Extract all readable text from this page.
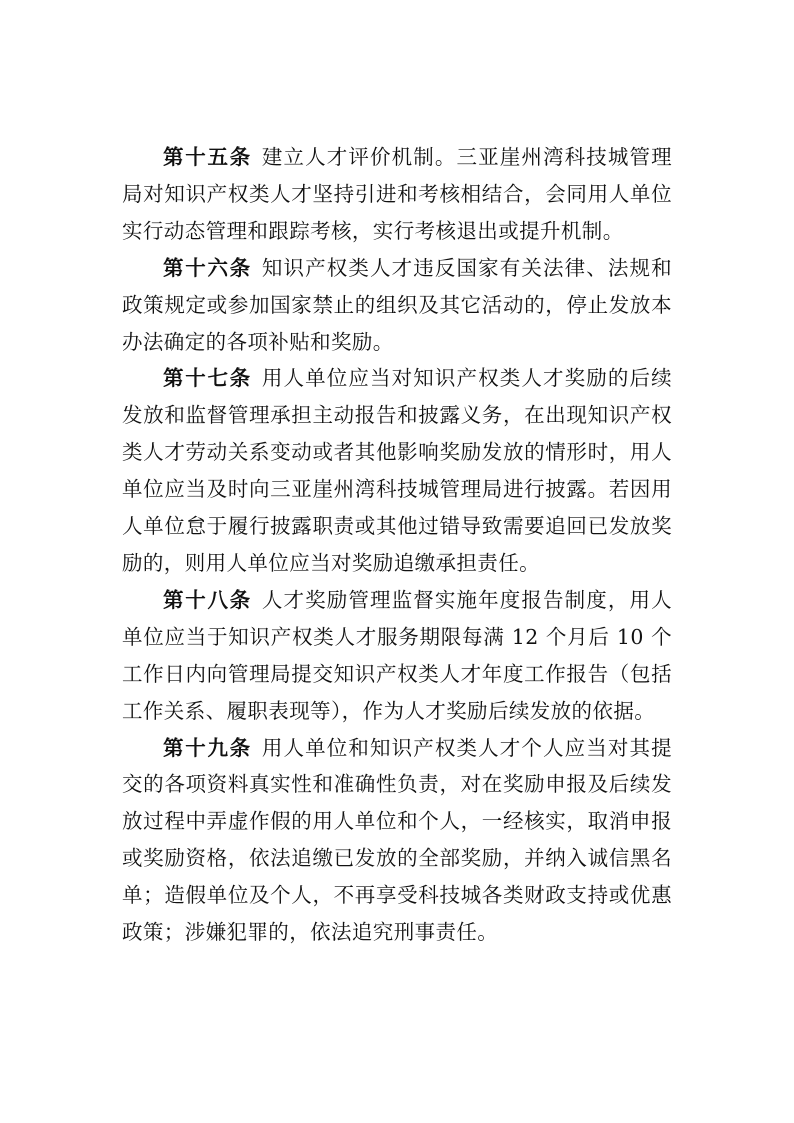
第十五条 建立人才评价机制。三亚崖州湾科技城管理局对知识产权类人才坚持引进和考核相结合，会同用人单位实行动态管理和跟踪考核，实行考核退出或提升机制。

第十六条 知识产权类人才违反国家有关法律、法规和政策规定或参加国家禁止的组织及其它活动的，停止发放本办法确定的各项补贴和奖励。

第十七条 用人单位应当对知识产权类人才奖励的后续发放和监督管理承担主动报告和披露义务，在出现知识产权类人才劳动关系变动或者其他影响奖励发放的情形时，用人单位应当及时向三亚崖州湾科技城管理局进行披露。若因用人单位怠于履行披露职责或其他过错导致需要追回已发放奖励的，则用人单位应当对奖励追缴承担责任。

第十八条 人才奖励管理监督实施年度报告制度，用人单位应当于知识产权类人才服务期限每满 12 个月后 10 个工作日内向管理局提交知识产权类人才年度工作报告（包括工作关系、履职表现等），作为人才奖励后续发放的依据。

第十九条 用人单位和知识产权类人才个人应当对其提交的各项资料真实性和准确性负责，对在奖励申报及后续发放过程中弄虚作假的用人单位和个人，一经核实，取消申报或奖励资格，依法追缴已发放的全部奖励，并纳入诚信黑名单；造假单位及个人，不再享受科技城各类财政支持或优惠政策；涉嫌犯罪的，依法追究刑事责任。
